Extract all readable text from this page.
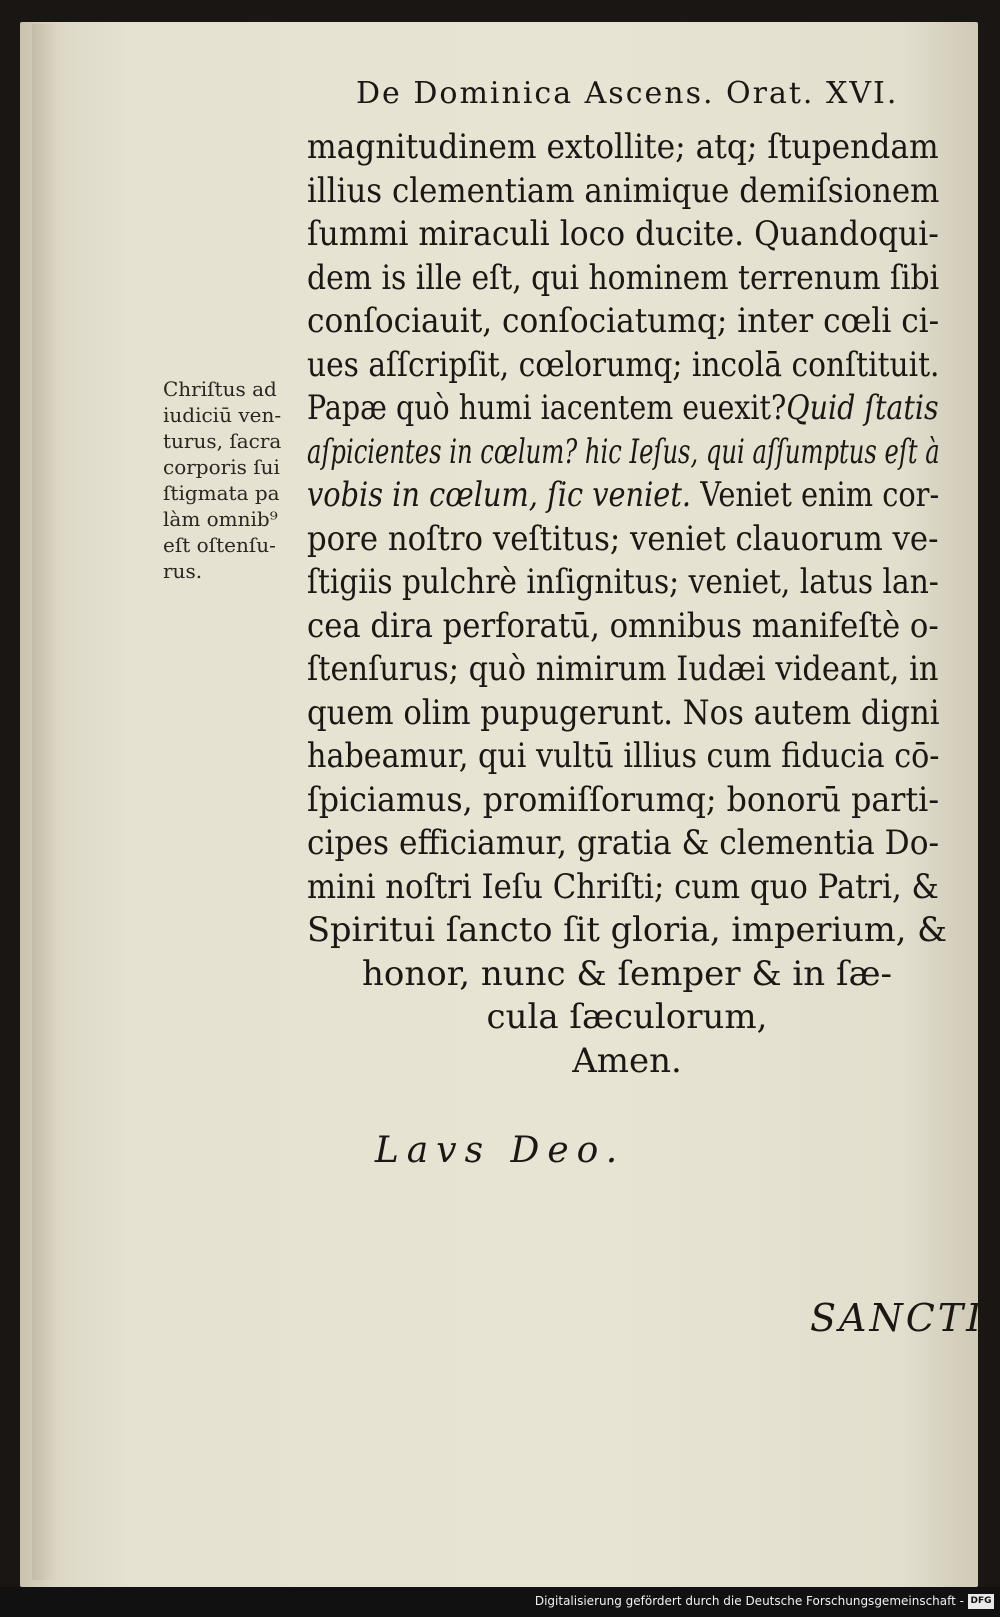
De Dominica Ascens. Orat. XVI.
magnitudinem extollite; atq; ſtupendam
illius clementiam animique demiſsionem
ſummi miraculi loco ducite. Quandoqui-
dem is ille eſt, qui hominem terrenum ſibi
conſociauit, conſociatumq; inter cœli ci-
ues aſſcripſit, cœlorumq; incolā conſtituit.
Papæ quò humi iacentem euexit?Quid ſtatis
aſpicientes in cœlum? hic Ieſus, qui aſſumptus eſt à
vobis in cœlum, ſic veniet. Veniet enim cor-
pore noſtro veſtitus; veniet clauorum ve-
ſtigiis pulchrè inſignitus; veniet, latus lan-
cea dira perforatū, omnibus manifeſtè o-
ſtenſurus; quò nimirum Iudæi videant, in
quem olim pupugerunt. Nos autem digni
habeamur, qui vultū illius cum fiducia cō-
ſpiciamus, promiſſorumq; bonorū parti-
cipes efficiamur, gratia & clementia Do-
mini noſtri Ieſu Chriſti; cum quo Patri, &
Spiritui ſancto ſit gloria, imperium, &
honor, nunc & ſemper & in ſæ-
cula ſæculorum,
Amen.
Chriſtus ad
iudiciū ven-
turus, ſacra
corporis ſui
ſtigmata pa
làm omnib⁹
eſt oſtenſu-
rus.
Lavs Deo.
SANCTI
Digitalisierung gefördert durch die Deutsche Forschungsgemeinschaft - DFG
